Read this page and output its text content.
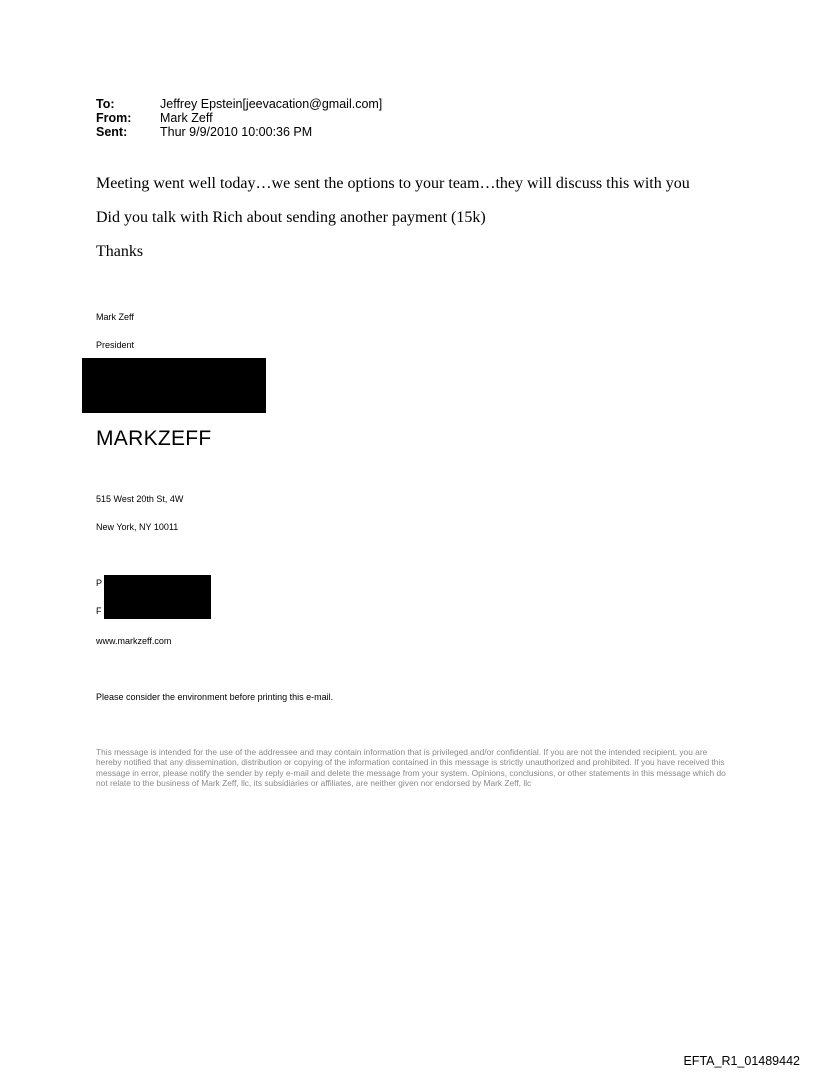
To:	Jeffrey Epstein[jeevacation@gmail.com]
From: Mark Zeff
Sent:	Thur 9/9/2010 10:00:36 PM
Meeting went well today…we sent the options to your team…they will discuss this with you
Did you talk with Rich about sending another payment (15k)
Thanks
Mark Zeff
President
MARKZEFF
515 West 20th St, 4W
New York, NY 10011
P
F
www.markzeff.com
Please consider the environment before printing this e-mail.
This message is intended for the use of the addressee and may contain information that is privileged and/or confidential. If you are not the intended recipient, you are hereby notified that any dissemination, distribution or copying of the information contained in this message is strictly unauthorized and prohibited. If you have received this message in error, please notify the sender by reply e-mail and delete the message from your system. Opinions, conclusions, or other statements in this message which do not relate to the business of Mark Zeff, llc, its subsidiaries or affiliates, are neither given nor endorsed by Mark Zeff, llc
EFTA_R1_01489442
